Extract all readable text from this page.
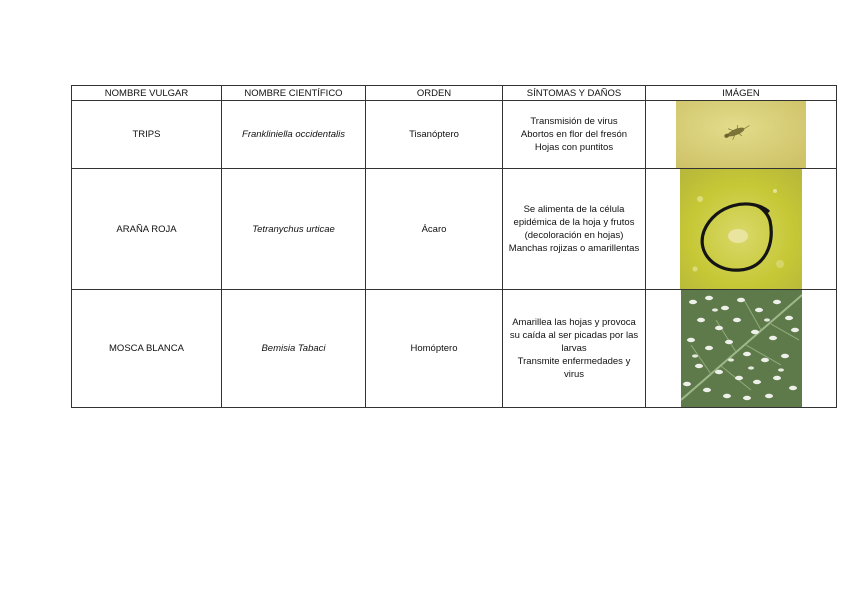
NOMBRE VULGAR	NOMBRE CIENTÍFICO	ORDEN	SÍNTOMAS Y DAÑOS	IMÁGEN
TRIPS	Frankliniella occidentalis	Tisanóptero	Transmisión de virus
Abortos en flor del fresón
Hojas con puntitos

ARAÑA ROJA	Tetranychus urticae	Ácaro	Se alimenta de la célula epidémica de la hoja y frutos (decoloración en hojas)
Manchas rojizas o amarillentas

MOSCA BLANCA	Bemisia Tabaci	Homóptero	Amarillea las hojas y provoca su caída al ser picadas por las larvas
Transmite enfermedades y virus
